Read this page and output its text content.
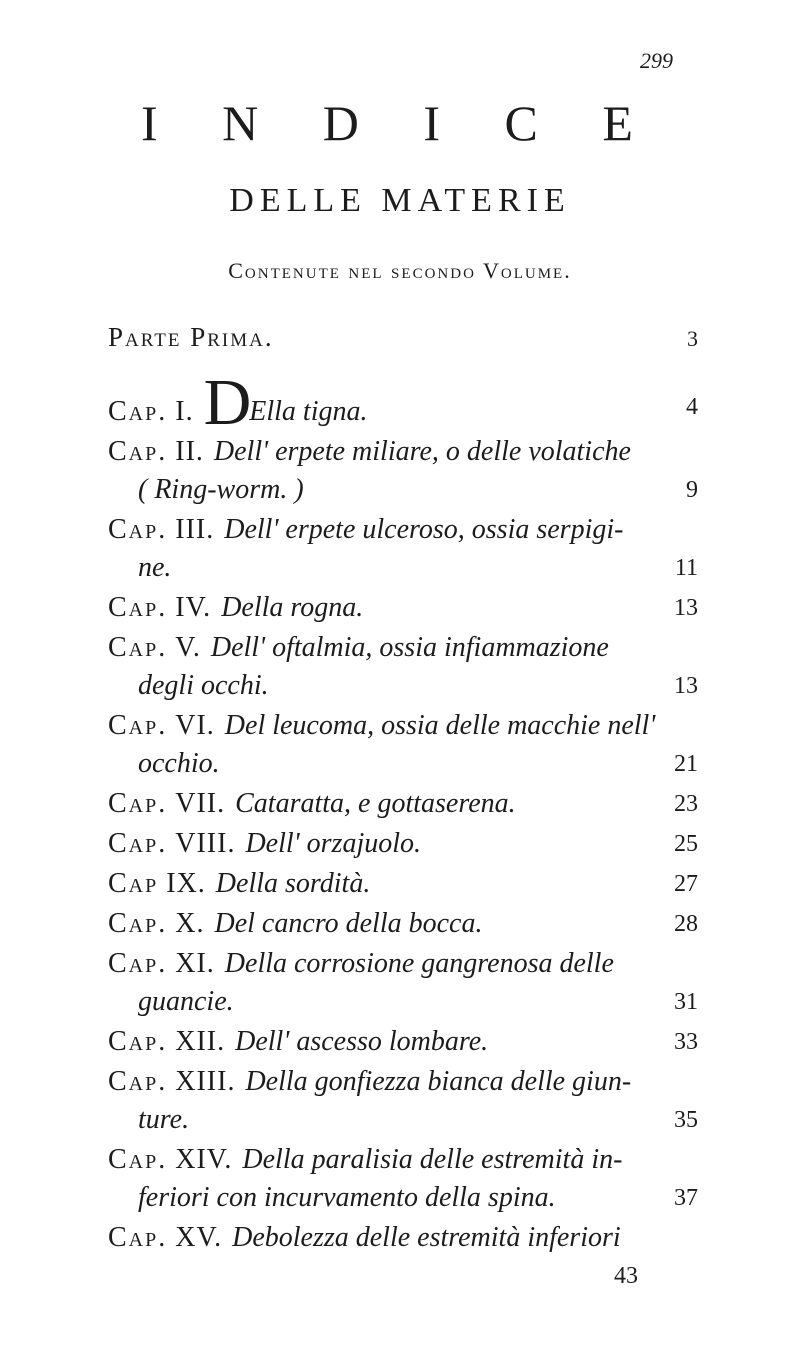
299
I N D I C E
DELLE MATERIE
Contenute nel secondo Volume.
Parte Prima.	3
Cap. I. DElla tigna.	4
Cap. II. Dell' erpete miliare, o delle volatiche
( Ring-worm. )	9
Cap. III. Dell' erpete ulceroso, ossia serpigi-
ne.	11
Cap. IV. Della rogna.	13
Cap. V. Dell' oftalmia, ossia infiammazione
degli occhi.	13
Cap. VI. Del leucoma, ossia delle macchie nell'
occhio.	21
Cap. VII. Cataratta, e gottaserena.	23
Cap. VIII. Dell' orzajuolo.	25
Cap IX. Della sordità.	27
Cap. X. Del cancro della bocca.	28
Cap. XI. Della corrosione gangrenosa delle
guancie.	31
Cap. XII. Dell' ascesso lombare.	33
Cap. XIII. Della gonfiezza bianca delle giun-
ture.	35
Cap. XIV. Della paralisia delle estremità in-
feriori con incurvamento della spina.	37
Cap. XV. Debolezza delle estremità inferiori
43
